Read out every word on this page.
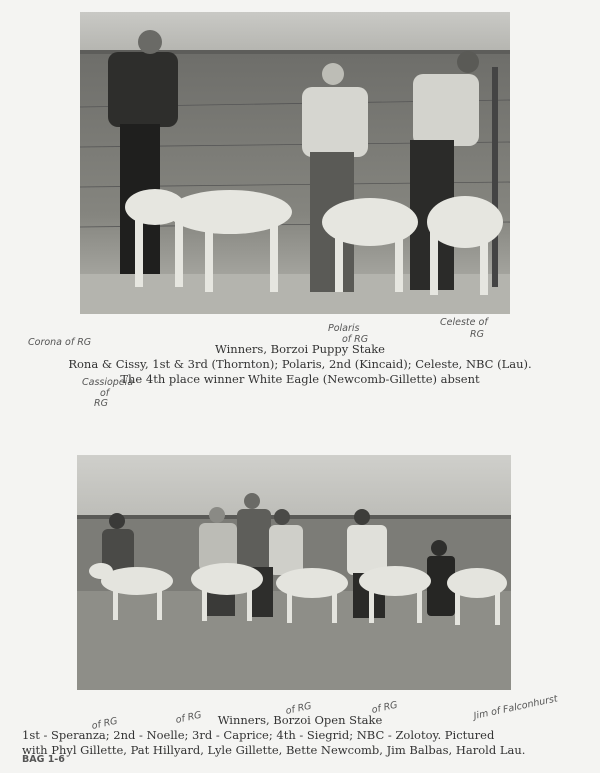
Corona of RG
Polaris
of RG
Celeste of
RG
Cassiopeia
of
RG
Winners, Borzoi Puppy Stake
Rona & Cissy, 1st & 3rd (Thornton); Polaris, 2nd (Kincaid); Celeste, NBC (Lau).
The 4th place winner White Eagle (Newcomb-Gillette) absent
of RG	of RG
of RG	of RG	Jim of Falconhurst
BAG 1-6
Winners, Borzoi Open Stake
1st - Speranza; 2nd - Noelle; 3rd - Caprice; 4th - Siegrid; NBC - Zolotoy. Pictured
with Phyl Gillette, Pat Hillyard, Lyle Gillette, Bette Newcomb, Jim Balbas, Harold Lau.
